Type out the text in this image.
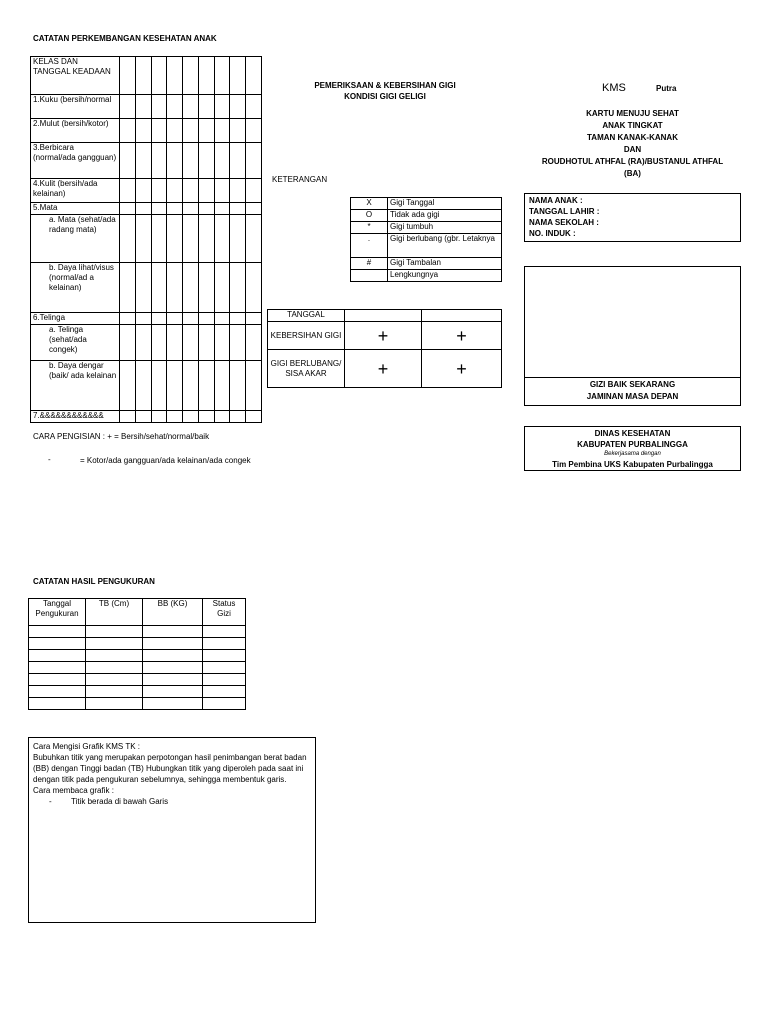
CATATAN PERKEMBANGAN KESEHATAN ANAK
KELAS DAN TANGGAL KEADAAN									
1.Kuku (bersih/normal									
2.Mulut (bersih/kotor)									
3.Berbicara (normal/ada gangguan)									
4.Kulit (bersih/ada kelainan)									
5.Mata									
a. Mata (sehat/ada radang mata)									
b. Daya lihat/visus (normal/ad a kelainan)									
6.Telinga									
a. Telinga (sehat/ada congek)									
b. Daya dengar (baik/ ada kelainan									
7.&&&&&&&&&&&&									
CARA PENGISIAN : + = Bersih/sehat/normal/baik
-	= Kotor/ada gangguan/ada kelainan/ada congek
PEMERIKSAAN & KEBERSIHAN GIGI
KONDISI GIGI GELIGI
KETERANGAN
X	Gigi Tanggal
O	Tidak ada gigi
*	Gigi tumbuh
.	Gigi berlubang (gbr. Letaknya
#	Gigi Tambalan
	Lengkungnya
TANGGAL		
KEBERSIHAN GIGI	+	+
GIGI BERLUBANG/ SISA AKAR	+	+
KMS	Putra
KARTU MENUJU SEHAT
ANAK TINGKAT
TAMAN KANAK-KANAK
DAN
ROUDHOTUL ATHFAL (RA)/BUSTANUL ATHFAL
(BA)
NAMA ANAK :
TANGGAL LAHIR :
NAMA SEKOLAH :
NO. INDUK :
GIZI BAIK SEKARANG
JAMINAN MASA DEPAN
DINAS KESEHATAN
KABUPATEN PURBALINGGA
Bekerjasama dengan
Tim Pembina UKS Kabupaten Purbalingga
CATATAN HASIL PENGUKURAN
Tanggal Pengukuran	TB (Cm)	BB (KG)	Status Gizi

Cara Mengisi Grafik KMS TK :
Bubuhkan titik yang merupakan perpotongan hasil penimbangan berat badan (BB) dengan Tinggi badan (TB) Hubungkan titik yang diperoleh pada saat ini dengan titik pada pengukuran sebelumnya, sehingga membentuk garis.
Cara membaca grafik :
-	Titik berada di bawah Garis
